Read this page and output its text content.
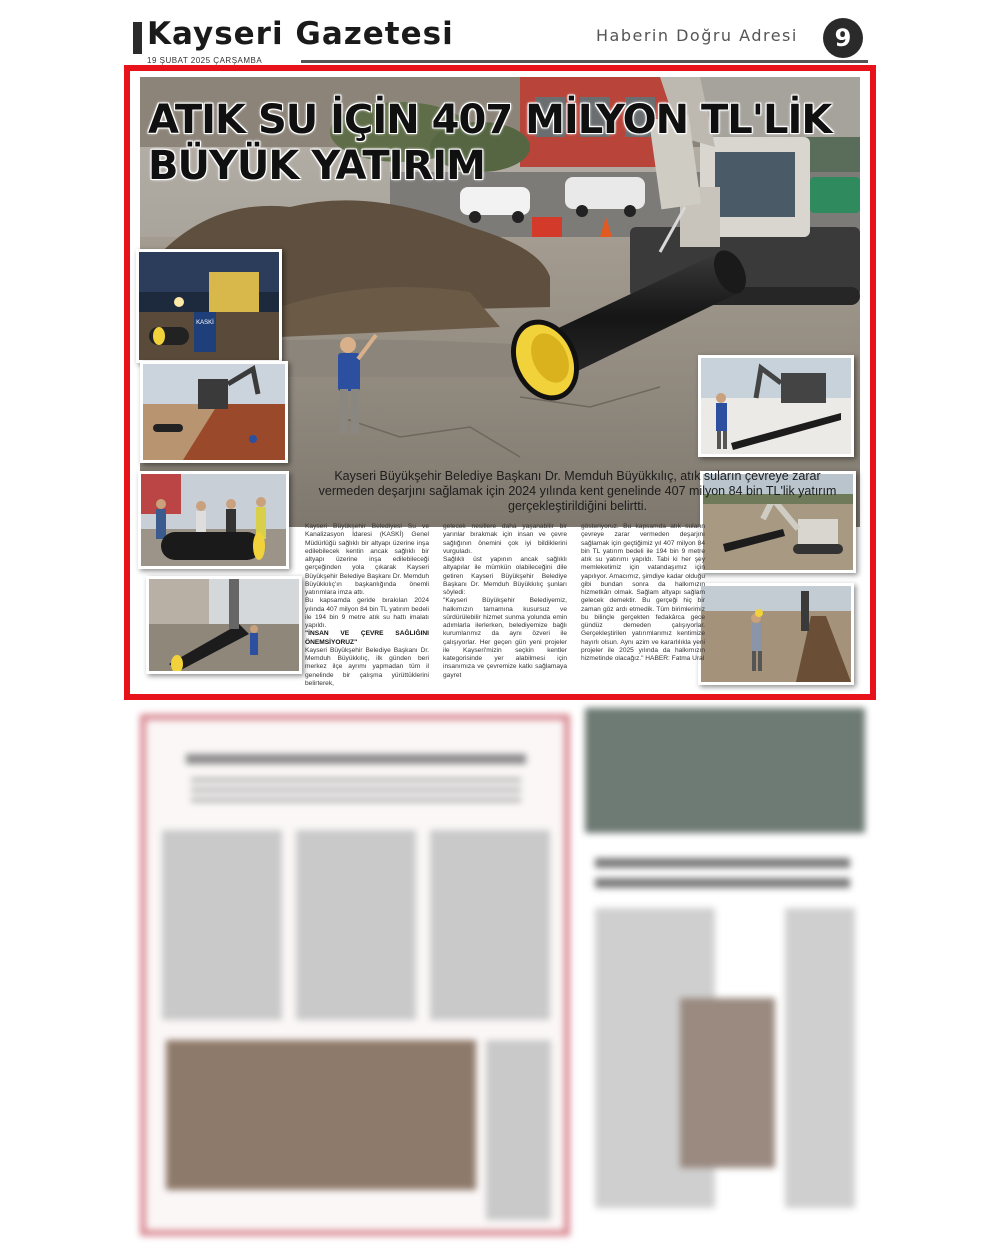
Kayseri Gazetesi
19 ŞUBAT 2025 ÇARŞAMBA
Haberin Doğru Adresi	9
ATIK SU İÇİN 407 MİLYON TL'LİK
BÜYÜK YATIRIM
KASKİ
Kayseri Büyükşehir Belediye Başkanı Dr. Memduh Büyükkılıç, atık suların çevreye zarar vermeden deşarjını sağlamak için 2024 yılında kent genelinde 407 milyon 84 bin TL'lik yatırım gerçekleştirildiğini belirtti.

Kayseri Büyükşehir Belediyesi Su ve Kanalizasyon İdaresi (KASKİ) Genel Müdürlüğü sağlıklı bir altyapı üzerine inşa edilebilecek kentin ancak sağlıklı bir altyapı üzerine inşa edilebileceği gerçeğinden yola çıkarak Kayseri Büyükşehir Belediye Başkanı Dr. Memduh Büyükkılıç'ın başkanlığında önemli yatırımlara imza attı.

Bu kapsamda geride bırakılan 2024 yılında 407 milyon 84 bin TL yatırım bedeli ile 194 bin 9 metre atık su hattı imalatı yapıldı.

"İNSAN VE ÇEVRE SAĞLIĞINI ÖNEMSİYORUZ"

Kayseri Büyükşehir Belediye Başkanı Dr. Memduh Büyükkılıç, ilk günden beri merkez ilçe ayrımı yapmadan tüm il genelinde bir çalışma yürüttüklerini belirterek,

gelecek nesillere daha yaşanabilir bir yarınlar bırakmak için insan ve çevre sağlığının önemini çok iyi bildiklerini vurguladı.

Sağlıklı üst yapının ancak sağlıklı altyapılar ile mümkün olabileceğini dile getiren Kayseri Büyükşehir Belediye Başkanı Dr. Memduh Büyükkılıç şunları söyledi:

"Kayseri Büyükşehir Belediyemiz, halkımızın tamamına kusursuz ve sürdürülebilir hizmet sunma yolunda emin adımlarla ilerlerken, belediyemize bağlı kurumlarımız da aynı özveri ile çalışıyorlar. Her geçen gün yeni projeler ile Kayseri'mizin seçkin kentler kategorisinde yer alabilmesi için insanımıza ve çevremize katkı sağlamaya gayret

gösteriyoruz. Bu kapsamda atık suların çevreye zarar vermeden deşarjını sağlamak için geçtiğimiz yıl 407 milyon 84 bin TL yatırım bedeli ile 194 bin 9 metre atık su yatırımı yapıldı. Tabi ki her şey memleketimiz için vatandaşımız için yapılıyor. Amacımız, şimdiye kadar olduğu gibi bundan sonra da halkımızın hizmetkârı olmak. Sağlam altyapı sağlam gelecek demektir. Bu gerçeği hiç bir zaman göz ardı etmedik. Tüm birimlerimiz bu bilinçle gerçekten fedakârca gece gündüz demeden çalışıyorlar. Gerçekleştirilen yatırımlarımız kentimize hayırlı olsun. Aynı azim ve kararlılıkla yeni projeler ile 2025 yılında da halkımızın hizmetinde olacağız." HABER: Fatma Ural
